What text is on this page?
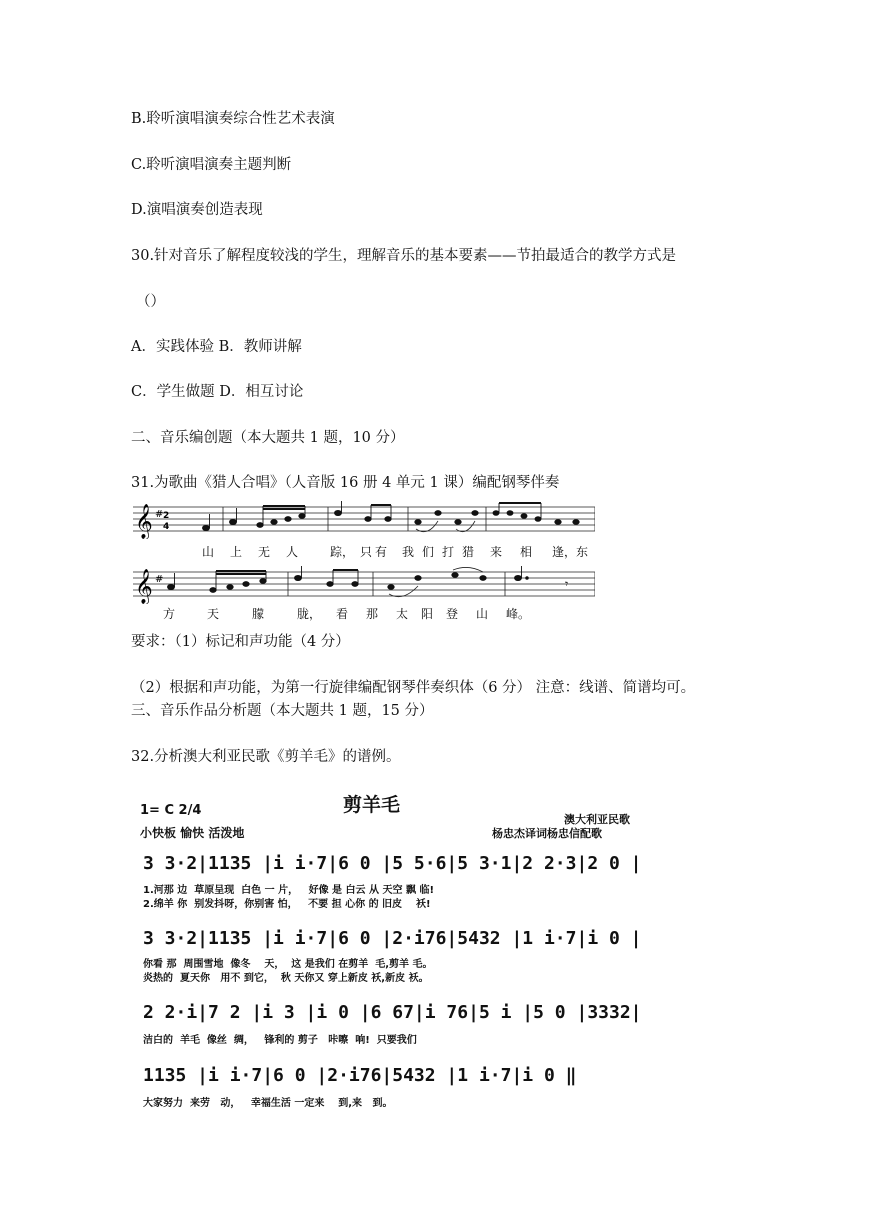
B.聆听演唱演奏综合性艺术表演
C.聆听演唱演奏主题判断
D.演唱演奏创造表现
30.针对音乐了解程度较浅的学生，理解音乐的基本要素——节拍最适合的教学方式是
（）
A．实践体验 B．教师讲解
C．学生做题 D．相互讨论
二、音乐编创题（本大题共 1 题，10 分）
31.为歌曲《猎人合唱》（人音版 16 册 4 单元 1 课）编配钢琴伴奏
𝄞 # 2
4
山 上 无 人	踪， 只 有 我 们 打 猎 来 相 逢， 东
𝄞 #	𝄾
方	天	朦	胧， 看 那 太 阳 登 山 峰。
要求：（1）标记和声功能（4 分）
（2）根据和声功能，为第一行旋律编配钢琴伴奏织体（6 分） 注意：线谱、简谱均可。
三、音乐作品分析题（本大题共 1 题，15 分）
32.分析澳大利亚民歌《剪羊毛》的谱例。
剪羊毛
1= C 2/4
小快板 愉快 活泼地
澳大利亚民歌
杨忠杰译词杨忠信配歌
3 3·2|1135 |i i·7|6 0 |5 5·6|5 3·1|2 2·3|2 0 |
1.河那 边  草原呈现  白色 一 片，   好像 是 白云 从 天空 飘 临!
2.绵羊 你  别发抖呀，你别害 怕，   不要 担 心你 的 旧皮    袄!
3 3·2|1135 |i i·7|6 0 |2·i76|5432 |1 i·7|i 0 |
你看 那  周围雪地  像冬    天，  这 是我们 在剪羊  毛,剪羊 毛。
炎热的  夏天你   用不 到它，  秋 天你又 穿上新皮 袄,新皮 袄。
2 2·i|7 2 |i 3 |i 0 |6 67|i 76|5 i |5 0 |3332|
洁白的  羊毛  像丝  绸，   锋利的 剪子   咔嚓  响!  只要我们
1135 |i i·7|6 0 |2·i76|5432 |1 i·7|i 0 ‖
大家努力  来劳   动，   幸福生活 一定来    到,来   到。
